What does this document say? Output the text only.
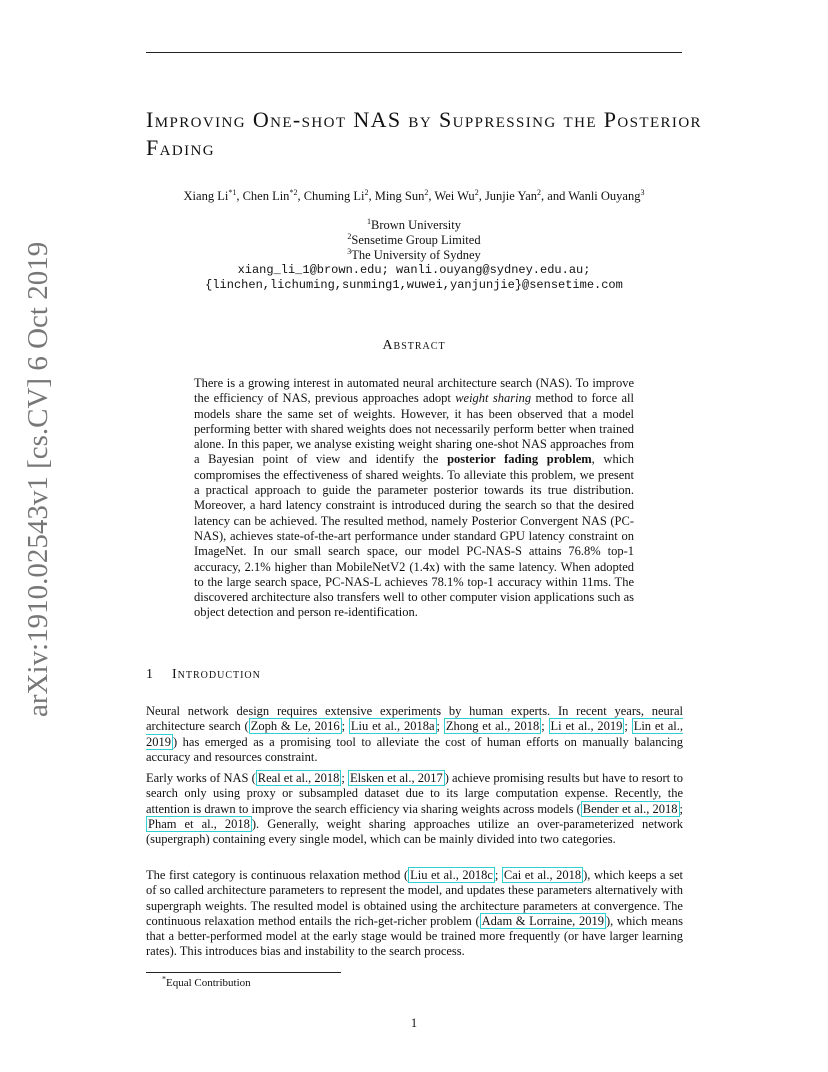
arXiv:1910.02543v1 [cs.CV] 6 Oct 2019
Improving One-shot NAS by Suppressing the Posterior Fading
Xiang Li$^{*1}$, Chen Lin$^{*2}$, Chuming Li$^2$, Ming Sun$^2$, Wei Wu$^2$, Junjie Yan$^2$, and Wanli Ouyang$^3$
$^1$Brown University
$^2$Sensetime Group Limited
$^3$The University of Sydney
xiang_li_1@brown.edu; wanli.ouyang@sydney.edu.au;
{linchen,lichuming,sunming1,wuwei,yanjunjie}@sensetime.com
Abstract
There is a growing interest in automated neural architecture search (NAS). To improve the efficiency of NAS, previous approaches adopt weight sharing method to force all models share the same set of weights. However, it has been observed that a model performing better with shared weights does not necessarily perform better when trained alone. In this paper, we analyse existing weight sharing one-shot NAS approaches from a Bayesian point of view and identify the posterior fading problem, which compromises the effectiveness of shared weights. To alleviate this problem, we present a practical approach to guide the parameter posterior towards its true distribution. Moreover, a hard latency constraint is introduced during the search so that the desired latency can be achieved. The resulted method, namely Posterior Convergent NAS (PC-NAS), achieves state-of-the-art performance under standard GPU latency constraint on ImageNet. In our small search space, our model PC-NAS-S attains 76.8% top-1 accuracy, 2.1% higher than MobileNetV2 (1.4x) with the same latency. When adopted to the large search space, PC-NAS-L achieves 78.1% top-1 accuracy within 11ms. The discovered architecture also transfers well to other computer vision applications such as object detection and person re-identification.
1 Introduction
Neural network design requires extensive experiments by human experts. In recent years, neural architecture search ( Zoph & Le, 2016 ; Liu et al., 2018a ; Zhong et al., 2018 ; Li et al., 2019 ; Lin et al., 2019 ) has emerged as a promising tool to alleviate the cost of human efforts on manually balancing accuracy and resources constraint.
Early works of NAS ( Real et al., 2018 ; Elsken et al., 2017 ) achieve promising results but have to resort to search only using proxy or subsampled dataset due to its large computation expense. Recently, the attention is drawn to improve the search efficiency via sharing weights across models ( Bender et al., 2018 ; Pham et al., 2018 ). Generally, weight sharing approaches utilize an over-parameterized network (supergraph) containing every single model, which can be mainly divided into two categories.
The first category is continuous relaxation method ( Liu et al., 2018c ; Cai et al., 2018 ), which keeps a set of so called architecture parameters to represent the model, and updates these parameters alternatively with supergraph weights. The resulted model is obtained using the architecture parameters at convergence. The continuous relaxation method entails the rich-get-richer problem ( Adam & Lorraine, 2019 ), which means that a better-performed model at the early stage would be trained more frequently (or have larger learning rates). This introduces bias and instability to the search process.
*Equal Contribution
1
